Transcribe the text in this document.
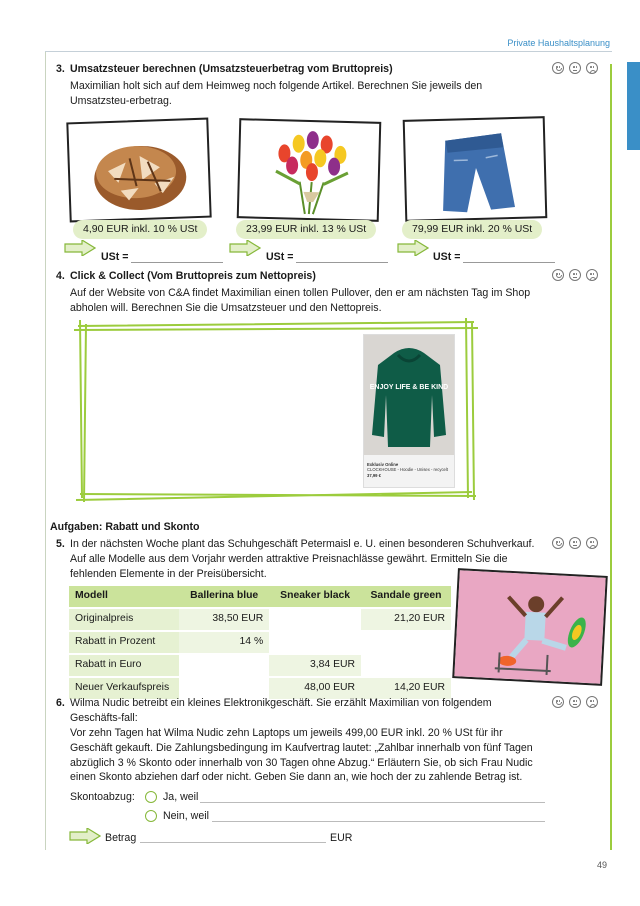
Private Haushaltsplanung
3. Umsatzsteuer berechnen (Umsatzsteuerbetrag vom Bruttopreis)
Maximilian holt sich auf dem Heimweg noch folgende Artikel. Berechnen Sie jeweils den Umsatzsteu-erbetrag.
4,90 EUR inkl. 10 % USt
USt =
23,99 EUR inkl. 13 % USt
USt =
79,99 EUR inkl. 20 % USt
USt =
4. Click & Collect (Vom Bruttopreis zum Nettopreis)
Auf der Website von C&A findet Maximilian einen tollen Pullover, den er am nächsten Tag im Shop abholen will. Berechnen Sie die Umsatzsteuer und den Nettopreis.
ENJOY LIFE & BE KIND
Exklusiv Online
CLOCKHOUSE - Hoodie - Unisex - recycelt
37,99 €
Aufgaben: Rabatt und Skonto
5. In der nächsten Woche plant das Schuhgeschäft Petermaisl e. U. einen besonderen Schuhverkauf. Auf alle Modelle aus dem Vorjahr werden attraktive Preisnachlässe gewährt. Ermitteln Sie die fehlenden Elemente in der Preisübersicht.
Modell	Ballerina blue	Sneaker black	Sandale green
Originalpreis	38,50 EUR		21,20 EUR
Rabatt in Prozent	14 %		
Rabatt in Euro		3,84 EUR	
Neuer Verkaufspreis		48,00 EUR	14,20 EUR
6. Wilma Nudic betreibt ein kleines Elektronikgeschäft. Sie erzählt Maximilian von folgendem Geschäfts-fall:
Vor zehn Tagen hat Wilma Nudic zehn Laptops um jeweils 499,00 EUR inkl. 20 % USt für ihr Geschäft gekauft. Die Zahlungsbedingung im Kaufvertrag lautet: „Zahlbar innerhalb von fünf Tagen abzüglich 3 % Skonto oder innerhalb von 30 Tagen ohne Abzug.“ Erläutern Sie, ob sich Frau Nudic einen Skonto abziehen darf oder nicht. Geben Sie dann an, wie hoch der zu zahlende Betrag ist.
Skontoabzug:	Ja, weil
Nein, weil
Betrag	EUR
49
